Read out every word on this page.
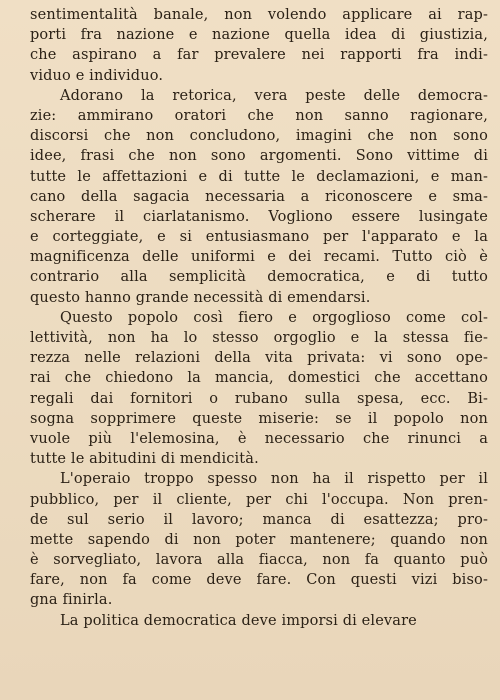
sentimentalità banale, non volendo applicare ai rap-
porti fra nazione e nazione quella idea di giustizia,
che aspirano a far prevalere nei rapporti fra indi-
viduo e individuo.
Adorano la retorica, vera peste delle democra-
zie: ammirano oratori che non sanno ragionare,
discorsi che non concludono, imagini che non sono
idee, frasi che non sono argomenti. Sono vittime di
tutte le affettazioni e di tutte le declamazioni, e man-
cano della sagacia necessaria a riconoscere e sma-
scherare il ciarlatanismo. Vogliono essere lusingate
e corteggiate, e si entusiasmano per l'apparato e la
magnificenza delle uniformi e dei recami. Tutto ciò è
contrario alla semplicità democratica, e di tutto
questo hanno grande necessità di emendarsi.
Questo popolo così fiero e orgoglioso come col-
lettività, non ha lo stesso orgoglio e la stessa fie-
rezza nelle relazioni della vita privata: vi sono ope-
rai che chiedono la mancia, domestici che accettano
regali dai fornitori o rubano sulla spesa, ecc. Bi-
sogna sopprimere queste miserie: se il popolo non
vuole più l'elemosina, è necessario che rinunci a
tutte le abitudini di mendicità.
L'operaio troppo spesso non ha il rispetto per il
pubblico, per il cliente, per chi l'occupa. Non pren-
de sul serio il lavoro; manca di esattezza; pro-
mette sapendo di non poter mantenere; quando non
è sorvegliato, lavora alla fiacca, non fa quanto può
fare, non fa come deve fare. Con questi vizi biso-
gna finirla.
La politica democratica deve imporsi di elevare
